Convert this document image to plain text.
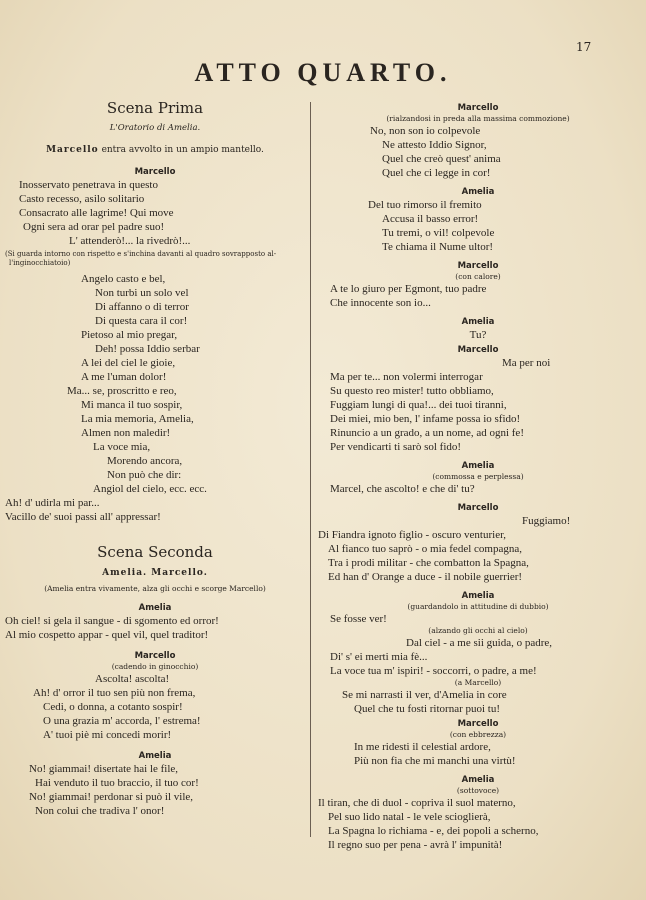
17
ATTO QUARTO.

Scena Prima

L'Oratorio di Amelia.

Marcello entra avvolto in un ampio mantello.
Marcello
Inosservato penetrava in questo
Casto recesso, asilo solitario
Consacrato alle lagrime! Qui move
Ogni sera ad orar pel padre suo!
L' attenderò!... la rivedrò!...
(Si guarda intorno con rispetto e s'inchina davanti al quadro sovrapposto al-
l'inginocchiatoio)
Angelo casto e bel,
Non turbi un solo vel
Di affanno o di terror
Di questa cara il cor!
Pietoso al mio pregar,
Deh! possa Iddio serbar
A lei del ciel le gioie,
A me l'uman dolor!
Ma... se, proscritto e reo,
Mi manca il tuo sospir,
La mia memoria, Amelia,
Almen non maledir!
La voce mia,
Morendo ancora,
Non può che dir:
Angiol del cielo, ecc. ecc.
Ah! d' udirla mi par...
Vacillo de' suoi passi all' appressar!

Scena Seconda

Amelia. Marcello.
(Amelia entra vivamente, alza gli occhi e scorge Marcello)
Amelia
Oh ciel! si gela il sangue - di sgomento ed orror!
Al mio cospetto appar - quel vil, quel traditor!
Marcello
(cadendo in ginocchio)
Ascolta! ascolta!
Ah! d' orror il tuo sen più non frema,
Cedi, o donna, a cotanto sospir!
O una grazia m' accorda, l' estrema!
A' tuoi piè mi concedi morir!
Amelia
No! giammai! disertate hai le file,
Hai venduto il tuo braccio, il tuo cor!
No! giammai! perdonar si può il vile,
Non colui che tradiva l' onor!
Marcello
(rialzandosi in preda alla massima commozione)
No, non son io colpevole
Ne attesto Iddio Signor,
Quel che creò quest' anima
Quel che ci legge in cor!
Amelia
Del tuo rimorso il fremito
Accusa il basso error!
Tu tremi, o vil! colpevole
Te chiama il Nume ultor!
Marcello
(con calore)
A te lo giuro per Egmont, tuo padre
Che innocente son io...
Amelia
Tu?
Marcello
Ma per noi
Ma per te... non volermi interrogar
Su questo reo mister! tutto obbliamo,
Fuggiam lungi di qua!... dei tuoi tiranni,
Dei miei, mio ben, l' infame possa io sfido!
Rinuncio a un grado, a un nome, ad ogni fe!
Per vendicarti ti sarò sol fido!
Amelia
(commossa e perplessa)
Marcel, che ascolto! e che di' tu?
Marcello
Fuggiamo!
Di Fiandra ignoto figlio - oscuro venturier,
Al fianco tuo saprò - o mia fedel compagna,
Tra i prodi militar - che combatton la Spagna,
Ed han d' Orange a duce - il nobile guerrier!
Amelia
(guardandolo in attitudine di dubbio)
Se fosse ver!
(alzando gli occhi al cielo)
Dal ciel - a me sii guida, o padre,
Di' s' ei merti mia fè...
La voce tua m' ispiri! - soccorri, o padre, a me!
(a Marcello)
Se mi narrasti il ver, d'Amelia in core
Quel che tu fosti ritornar puoi tu!
Marcello
(con ebbrezza)
In me ridesti il celestial ardore,
Più non fia che mi manchi una virtù!
Amelia
(sottovoce)
Il tiran, che di duol - copriva il suol materno,
Pel suo lido natal - le vele scioglierà,
La Spagna lo richiama - e, dei popoli a scherno,
Il regno suo per pena - avrà l' impunità!
